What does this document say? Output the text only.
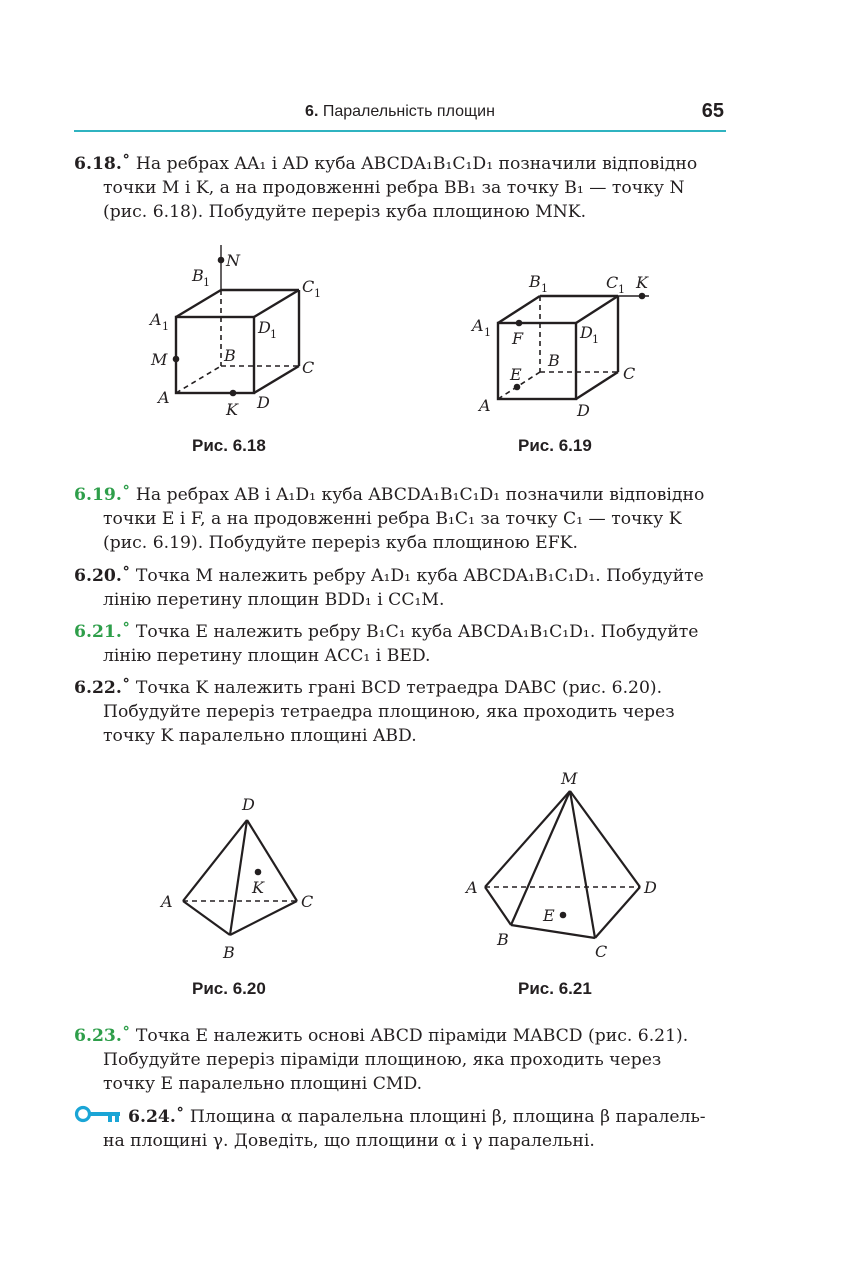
6. Паралельність площин	65
6.18.˚ На ребрах AA₁ і AD куба ABCDA₁B₁C₁D₁ позначили відповідно
точки M і K, а на продовженні ребра BB₁ за точку B₁ — точку N
(рис. 6.18). Побудуйте переріз куба площиною MNK.
N
B 1	C 1
A 1	D 1
M	B
C
A
K D
Рис. 6.18
B 1	C 1 K
A 1 F	D 1
B
E	C
A	D
Рис. 6.19
6.19.˚ На ребрах AB і A₁D₁ куба ABCDA₁B₁C₁D₁ позначили відповідно
точки E і F, а на продовженні ребра B₁C₁ за точку C₁ — точку K
(рис. 6.19). Побудуйте переріз куба площиною EFK.
6.20.˚ Точка M належить ребру A₁D₁ куба ABCDA₁B₁C₁D₁. Побудуйте
лінію перетину площин BDD₁ і CC₁M.
6.21.˚ Точка E належить ребру B₁C₁ куба ABCDA₁B₁C₁D₁. Побудуйте
лінію перетину площин ACC₁ і BED.
6.22.˚ Точка K належить грані BCD тетраедра DABC (рис. 6.20).
Побудуйте переріз тетраедра площиною, яка проходить через
точку K паралельно площині ABD.
D
K
A	C
B
Рис. 6.20
M
A	D
E
B
C
Рис. 6.21
6.23.˚ Точка E належить основі ABCD піраміди MABCD (рис. 6.21).
Побудуйте переріз піраміди площиною, яка проходить через
точку E паралельно площині CMD.
6.24.˚ Площина α паралельна площині β, площина β паралель-
на площині γ. Доведіть, що площини α і γ паралельні.
